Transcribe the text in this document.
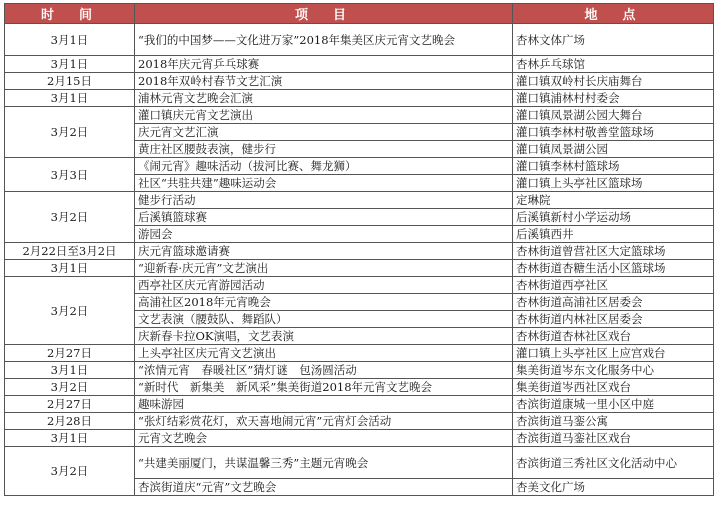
时　间	项　目	地　点
3月1日	“我们的中国梦——文化进万家”2018年集美区庆元宵文艺晚会	杏林文体广场
3月1日	2018年庆元宵乒乓球赛	杏林乒乓球馆
2月15日	2018年双岭村春节文艺汇演	灌口镇双岭村长庆庙舞台
3月1日	浦林元宵文艺晚会汇演	灌口镇浦林村村委会
3月2日	灌口镇庆元宵文艺演出	灌口镇凤景湖公园大舞台
	庆元宵文艺汇演	灌口镇李林村敬善堂篮球场
	黄庄社区腰鼓表演，健步行	灌口镇凤景湖公园
3月3日	《闹元宵》趣味活动（拔河比赛、舞龙狮）	灌口镇李林村篮球场
	社区“共驻共建”趣味运动会	灌口镇上头亭社区篮球场
3月2日	健步行活动	定琳院
	后溪镇篮球赛	后溪镇新村小学运动场
	游园会	后溪镇西井
2月22日至3月2日	庆元宵篮球邀请赛	杏林街道曾营社区大定篮球场
3月1日	“迎新春·庆元宵”文艺演出	杏林街道杏糖生活小区篮球场
3月2日	西亭社区庆元宵游园活动	杏林街道西亭社区
	高浦社区2018年元宵晚会	杏林街道高浦社区居委会
	文艺表演（腰鼓队、舞蹈队）	杏林街道内林社区居委会
	庆新春卡拉OK演唱，文艺表演	杏林街道杏林社区戏台
2月27日	上头亭社区庆元宵文艺演出	灌口镇上头亭社区上应宫戏台
3月1日	“浓情元宵　春暖社区”猜灯谜　包汤圆活动	集美街道岑东文化服务中心
3月2日	“新时代　新集美　新风采”集美街道2018年元宵文艺晚会	集美街道岑西社区戏台
2月27日	趣味游园	杏滨街道康城一里小区中庭
2月28日	“张灯结彩赏花灯，欢天喜地闹元宵”元宵灯会活动	杏滨街道马銮公寓
3月1日	元宵文艺晚会	杏滨街道马銮社区戏台
3月2日	“共建美丽厦门，共谋温馨三秀”主题元宵晚会	杏滨街道三秀社区文化活动中心
	杏滨街道庆“元宵”文艺晚会	杏美文化广场
